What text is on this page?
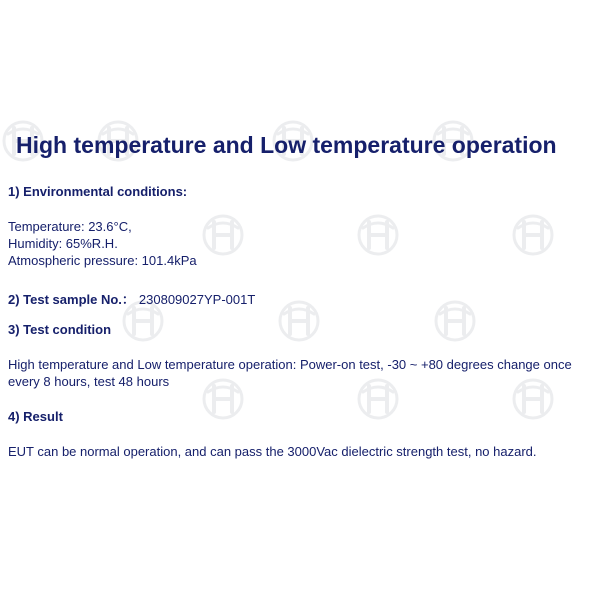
High temperature and Low temperature operation
1) Environmental conditions:
Temperature: 23.6°C,
Humidity: 65%R.H.
Atmospheric pressure: 101.4kPa
2) Test sample No.： 230809027YP-001T
3) Test condition
High temperature and Low temperature operation: Power-on test, -30 ~ +80 degrees change once
every 8 hours, test 48 hours
4) Result
EUT can be normal operation, and can pass the 3000Vac dielectric strength test, no hazard.
